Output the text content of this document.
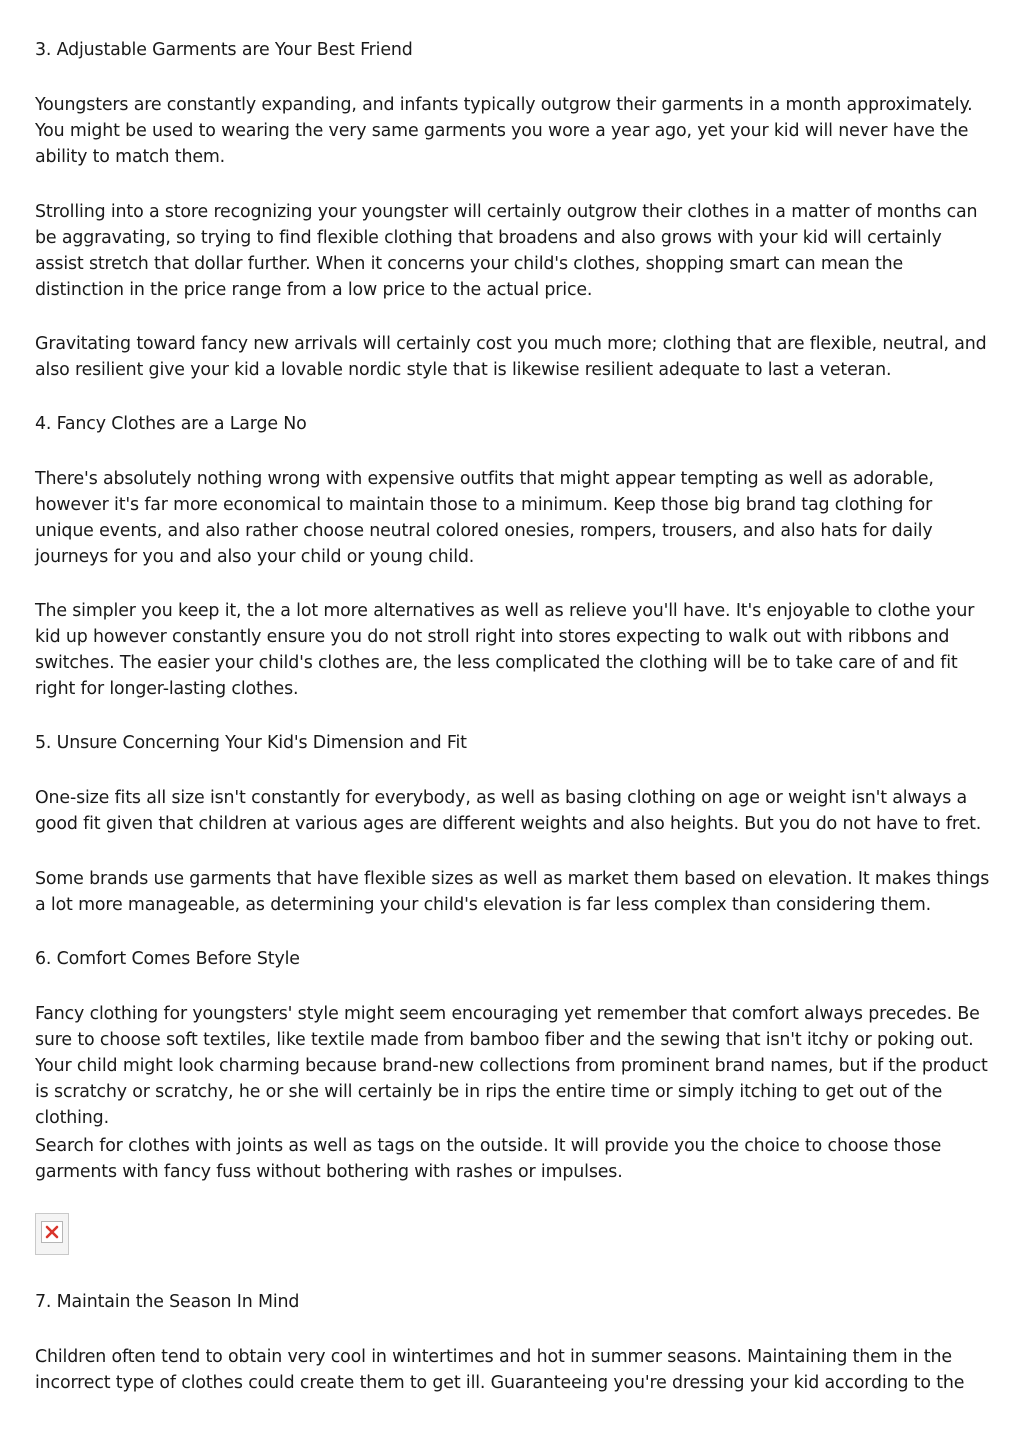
3. Adjustable Garments are Your Best Friend

Youngsters are constantly expanding, and infants typically outgrow their garments in a month approximately. You might be used to wearing the very same garments you wore a year ago, yet your kid will never have the ability to match them.

Strolling into a store recognizing your youngster will certainly outgrow their clothes in a matter of months can be aggravating, so trying to find flexible clothing that broadens and also grows with your kid will certainly assist stretch that dollar further. When it concerns your child's clothes, shopping smart can mean the distinction in the price range from a low price to the actual price.

Gravitating toward fancy new arrivals will certainly cost you much more; clothing that are flexible, neutral, and also resilient give your kid a lovable nordic style that is likewise resilient adequate to last a veteran.

4. Fancy Clothes are a Large No

There's absolutely nothing wrong with expensive outfits that might appear tempting as well as adorable, however it's far more economical to maintain those to a minimum. Keep those big brand tag clothing for unique events, and also rather choose neutral colored onesies, rompers, trousers, and also hats for daily journeys for you and also your child or young child.

The simpler you keep it, the a lot more alternatives as well as relieve you'll have. It's enjoyable to clothe your kid up however constantly ensure you do not stroll right into stores expecting to walk out with ribbons and switches. The easier your child's clothes are, the less complicated the clothing will be to take care of and fit right for longer-lasting clothes.

5. Unsure Concerning Your Kid's Dimension and Fit

One-size fits all size isn't constantly for everybody, as well as basing clothing on age or weight isn't always a good fit given that children at various ages are different weights and also heights. But you do not have to fret.

Some brands use garments that have flexible sizes as well as market them based on elevation. It makes things a lot more manageable, as determining your child's elevation is far less complex than considering them.

6. Comfort Comes Before Style

Fancy clothing for youngsters' style might seem encouraging yet remember that comfort always precedes. Be sure to choose soft textiles, like textile made from bamboo fiber and the sewing that isn't itchy or poking out. Your child might look charming because brand-new collections from prominent brand names, but if the product is scratchy or scratchy, he or she will certainly be in rips the entire time or simply itching to get out of the clothing.

Search for clothes with joints as well as tags on the outside. It will provide you the choice to choose those garments with fancy fuss without bothering with rashes or impulses.

7. Maintain the Season In Mind

Children often tend to obtain very cool in wintertimes and hot in summer seasons. Maintaining them in the incorrect type of clothes could create them to get ill. Guaranteeing you're dressing your kid according to the
